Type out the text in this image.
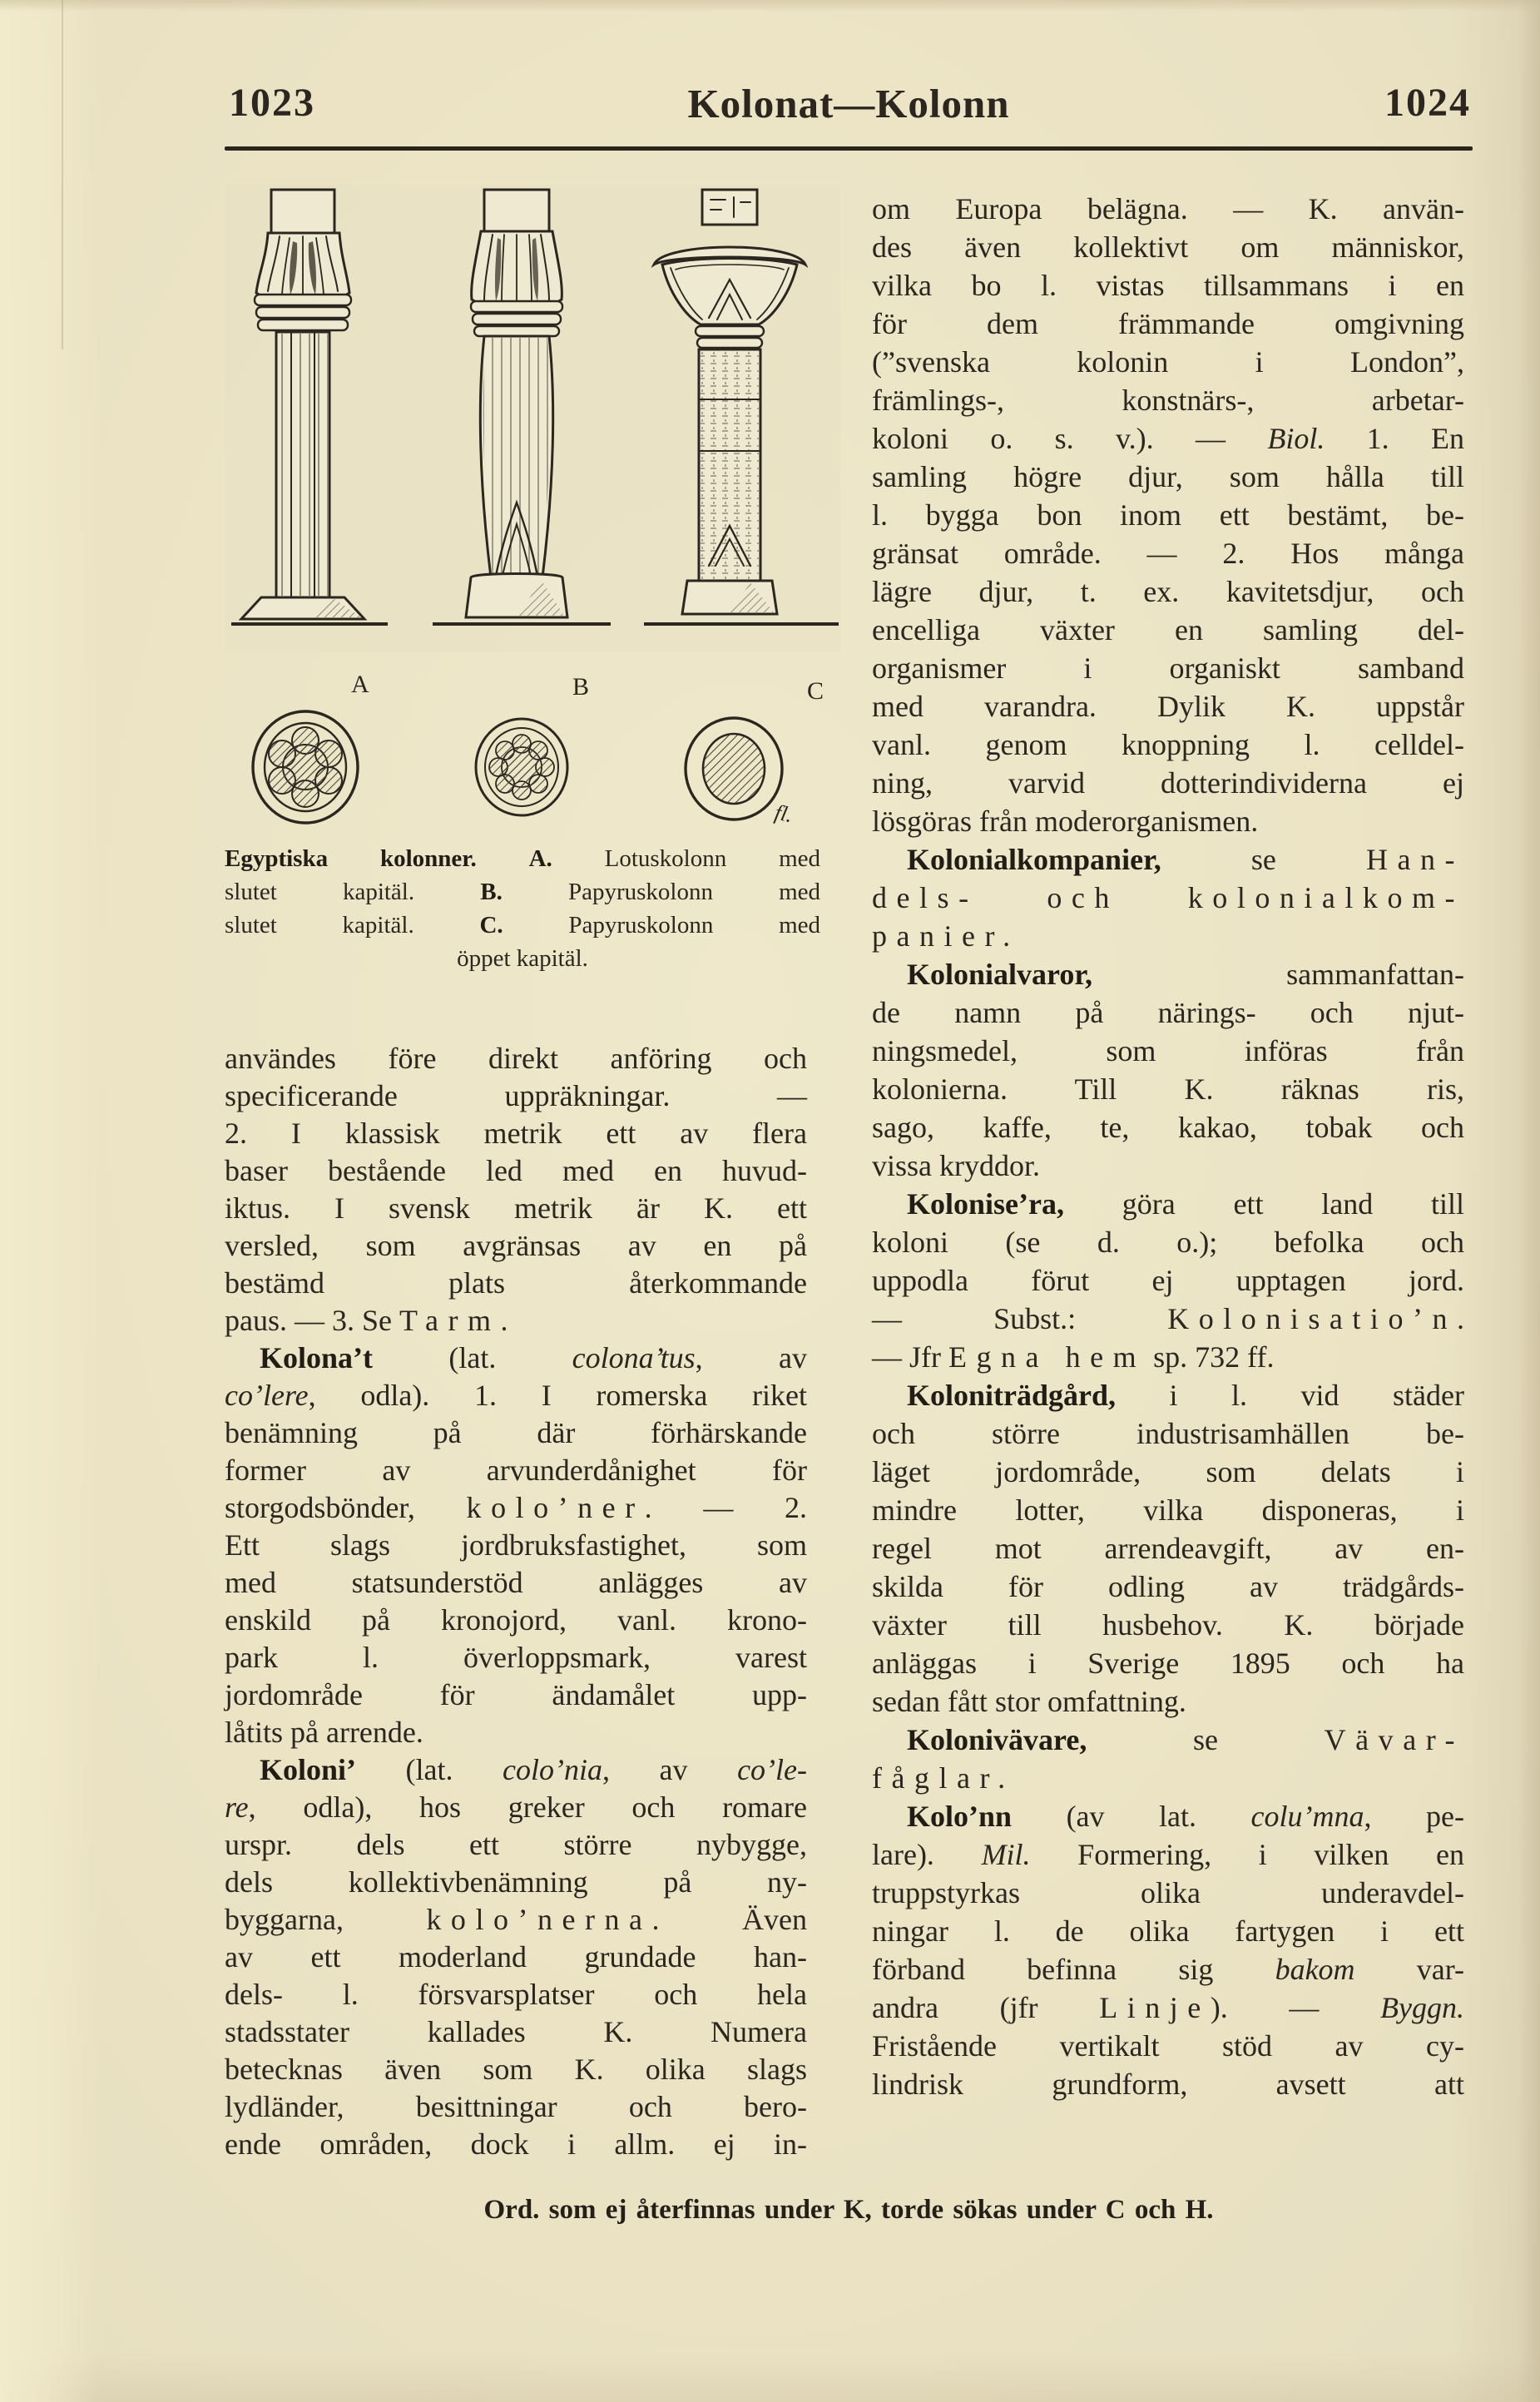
1023	Kolonat—Kolonn	1024
A	B	C
fl.
Egyptiska kolonner. A. Lotuskolonn med
slutet kapitäl. B. Papyruskolonn med
slutet kapitäl. C. Papyruskolonn med
öppet kapitäl.
användes före direkt anföring och
specificerande uppräkningar. —
2. I klassisk metrik ett av flera
baser bestående led med en huvud-
iktus. I svensk metrik är K. ett
versled, som avgränsas av en på
bestämd plats återkommande
paus. — 3. Se Tarm.
Kolona’t (lat. colona’tus, av
co’lere, odla). 1. I romerska riket
benämning på där förhärskande
former av arvunderdånighet för
storgodsbönder, kolo’ner. — 2.
Ett slags jordbruksfastighet, som
med statsunderstöd anlägges av
enskild på kronojord, vanl. krono-
park l. överloppsmark, varest
jordområde för ändamålet upp-
låtits på arrende.
Koloni’ (lat. colo’nia, av co’le-
re, odla), hos greker och romare
urspr. dels ett större nybygge,
dels kollektivbenämning på ny-
byggarna, kolo’nerna. Även
av ett moderland grundade han-
dels- l. försvarsplatser och hela
stadsstater kallades K. Numera
betecknas även som K. olika slags
lydländer, besittningar och bero-
ende områden, dock i allm. ej in-
om Europa belägna. — K. använ-
des även kollektivt om människor,
vilka bo l. vistas tillsammans i en
för dem främmande omgivning
(”svenska kolonin i London”,
främlings-, konstnärs-, arbetar-
koloni o. s. v.). — Biol. 1. En
samling högre djur, som hålla till
l. bygga bon inom ett bestämt, be-
gränsat område. — 2. Hos många
lägre djur, t. ex. kavitetsdjur, och
encelliga växter en samling del-
organismer i organiskt samband
med varandra. Dylik K. uppstår
vanl. genom knoppning l. celldel-
ning, varvid dotterindividerna ej
lösgöras från moderorganismen.
Kolonialkompanier, se Han-
dels- och kolonialkom-
panier.
Kolonialvaror, sammanfattan-
de namn på närings- och njut-
ningsmedel, som införas från
kolonierna. Till K. räknas ris,
sago, kaffe, te, kakao, tobak och
vissa kryddor.
Kolonise’ra, göra ett land till
koloni (se d. o.); befolka och
uppodla förut ej upptagen jord.
— Subst.: Kolonisatio’n.
— Jfr Egna hem sp. 732 ff.
Koloniträdgård, i l. vid städer
och större industrisamhällen be-
läget jordområde, som delats i
mindre lotter, vilka disponeras, i
regel mot arrendeavgift, av en-
skilda för odling av trädgårds-
växter till husbehov. K. började
anläggas i Sverige 1895 och ha
sedan fått stor omfattning.
Kolonivävare, se Vävar-
fåglar.
Kolo’nn (av lat. colu’mna, pe-
lare). Mil. Formering, i vilken en
truppstyrkas olika underavdel-
ningar l. de olika fartygen i ett
förband befinna sig bakom var-
andra (jfr Linje). — Byggn.
Fristående vertikalt stöd av cy-
lindrisk grundform, avsett att
Ord. som ej återfinnas under K, torde sökas under C och H.
